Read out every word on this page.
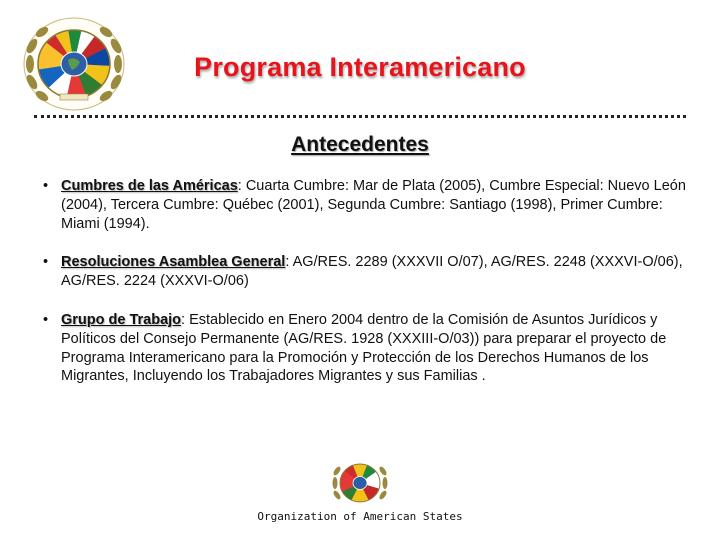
Programa Interamericano
Antecedentes
• Cumbres de las Américas: Cuarta Cumbre: Mar de Plata (2005), Cumbre Especial: Nuevo León (2004), Tercera Cumbre: Québec (2001), Segunda Cumbre: Santiago (1998), Primer Cumbre: Miami (1994).
• Resoluciones Asamblea General: AG/RES. 2289 (XXXVII O/07), AG/RES. 2248 (XXXVI-O/06), AG/RES. 2224 (XXXVI-O/06)
• Grupo de Trabajo: Establecido en Enero 2004 dentro de la Comisión de Asuntos Jurídicos y Políticos del Consejo Permanente (AG/RES. 1928 (XXXIII-O/03)) para preparar el proyecto de Programa Interamericano para la Promoción y Protección de los Derechos Humanos de los Migrantes, Incluyendo los Trabajadores Migrantes y sus Familias .
Organization of American States
